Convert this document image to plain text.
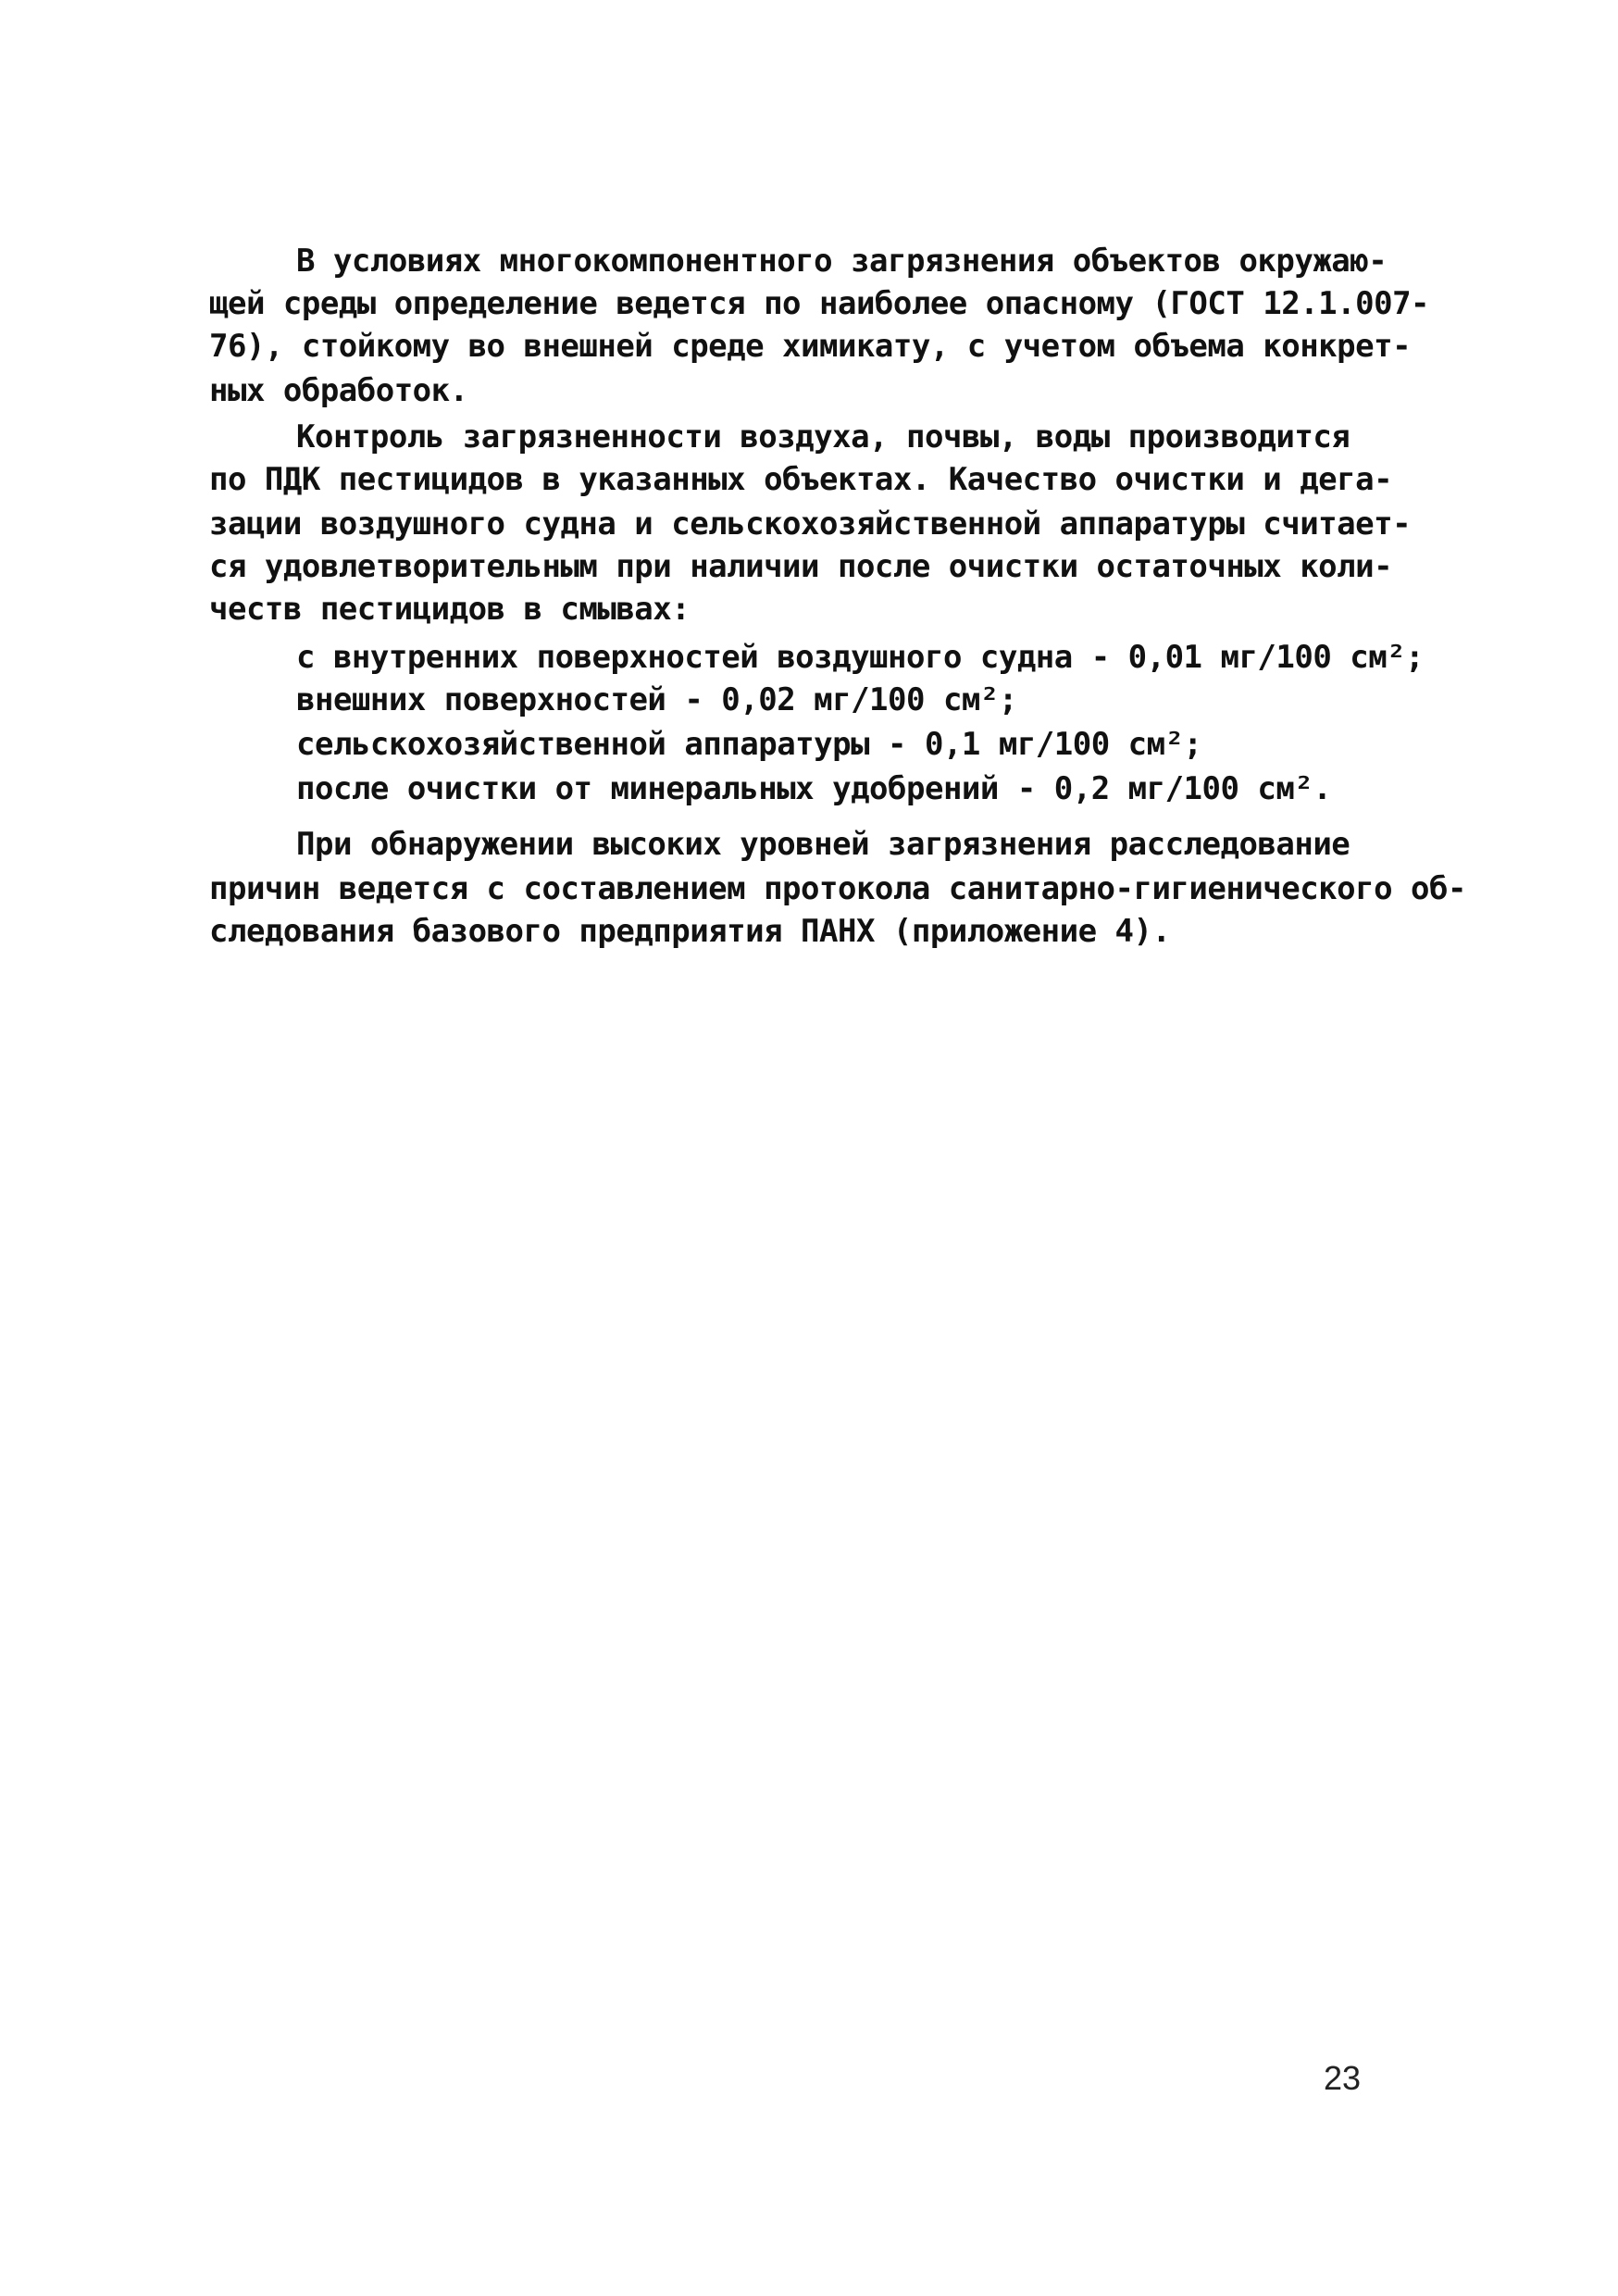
В условиях многокомпонентного загрязнения объектов окружаю-
щей среды определение ведется по наиболее опасному (ГОСТ 12.1.007-
76), стойкому во внешней среде химикату, с учетом объема конкрет-
ных обработок.
Контроль загрязненности воздуха, почвы, воды производится
по ПДК пестицидов в указанных объектах. Качество очистки и дега-
зации воздушного судна и сельскохозяйственной аппаратуры считает-
ся удовлетворительным при наличии после очистки остаточных коли-
честв пестицидов в смывах:
с внутренних поверхностей воздушного судна - 0,01 мг/100 см²;
внешних поверхностей - 0,02 мг/100 см²;
сельскохозяйственной аппаратуры - 0,1 мг/100 см²;
после очистки от минеральных удобрений - 0,2 мг/100 см².
При обнаружении высоких уровней загрязнения расследование
причин ведется с составлением протокола санитарно-гигиенического об-
следования базового предприятия ПАНХ (приложение 4).
23
